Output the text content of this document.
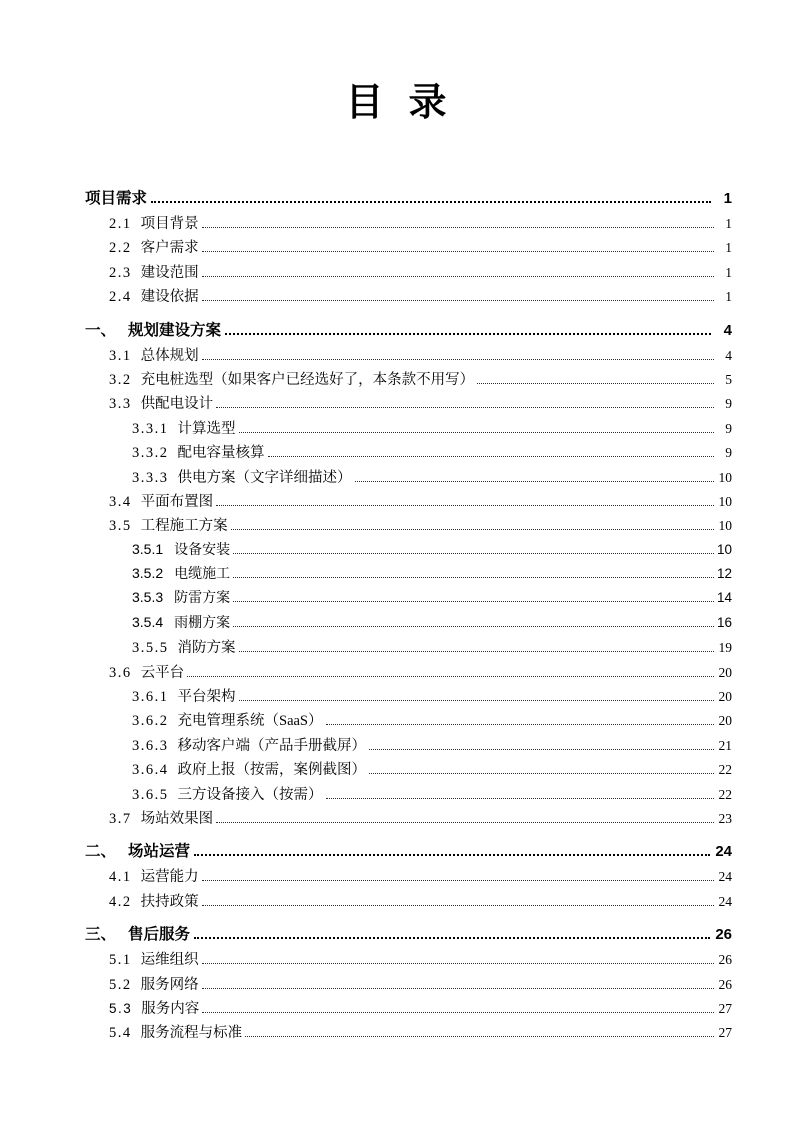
目  录
项目需求	1
2.1 项目背景	1
2.2 客户需求	1
2.3 建设范围	1
2.4 建设依据	1
一、 规划建设方案	4
3.1 总体规划	4
3.2 充电桩选型（如果客户已经选好了，本条款不用写）	5
3.3 供配电设计	9
3.3.1 计算选型	9
3.3.2 配电容量核算	9
3.3.3 供电方案（文字详细描述）	10
3.4 平面布置图	10
3.5 工程施工方案	10
3.5.1 设备安装	10
3.5.2 电缆施工	12
3.5.3 防雷方案	14
3.5.4 雨棚方案	16
3.5.5 消防方案	19
3.6 云平台	20
3.6.1 平台架构	20
3.6.2 充电管理系统（SaaS）	20
3.6.3 移动客户端（产品手册截屏）	21
3.6.4 政府上报（按需，案例截图）	22
3.6.5 三方设备接入（按需）	22
3.7 场站效果图	23
二、 场站运营	24
4.1 运营能力	24
4.2 扶持政策	24
三、 售后服务	26
5.1 运维组织	26
5.2 服务网络	26
5.3 服务内容	27
5.4 服务流程与标准	27
